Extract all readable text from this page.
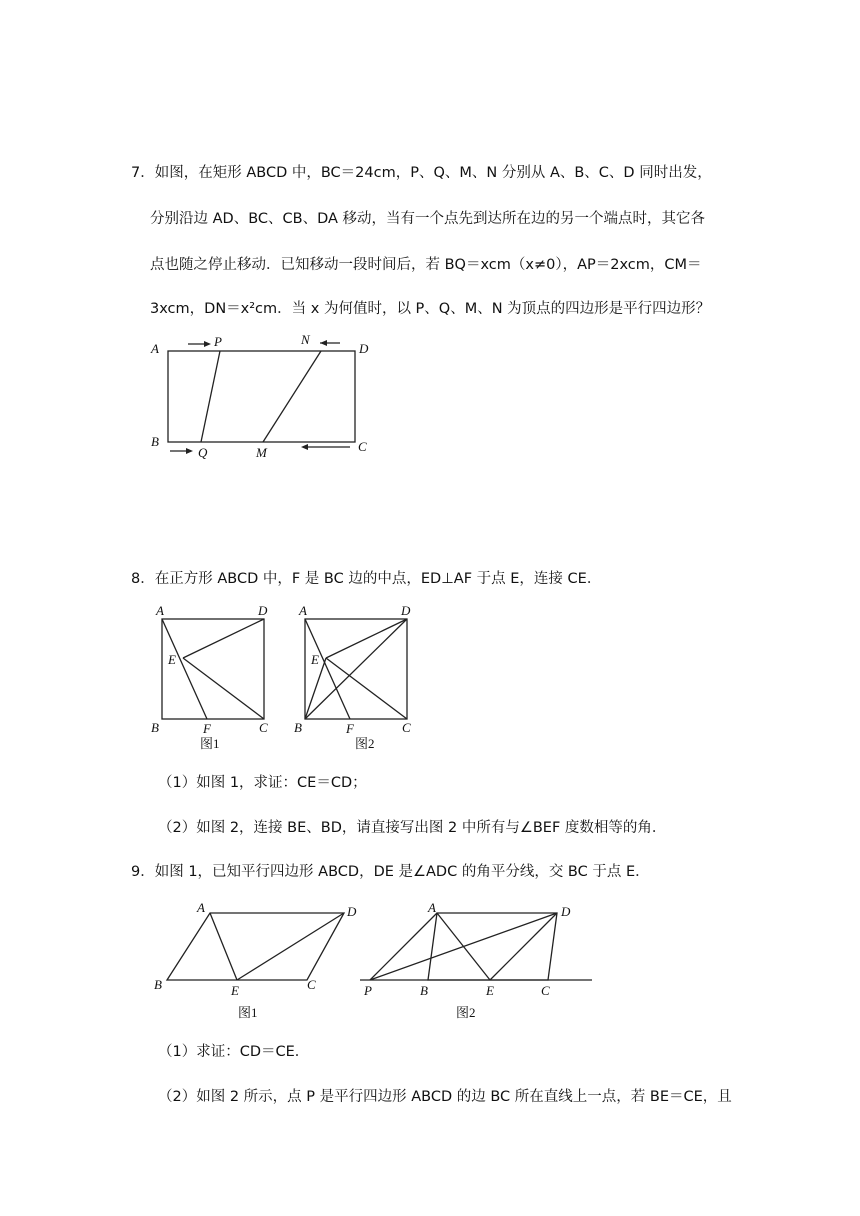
7．如图，在矩形 ABCD 中，BC＝24cm，P、Q、M、N 分别从 A、B、C、D 同时出发，
分别沿边 AD、BC、CB、DA 移动，当有一个点先到达所在边的另一个端点时，其它各
点也随之停止移动．已知移动一段时间后，若 BQ＝xcm（x≠0），AP＝2xcm，CM＝
3xcm，DN＝x²cm．当 x 为何值时，以 P、Q、M、N 为顶点的四边形是平行四边形？
A	D
B	C
P	N
Q	M
8．在正方形 ABCD 中，F 是 BC 边的中点，ED⊥AF 于点 E，连接 CE．
A	D
E
B	F	C
图1
A	D
E
B	F	C
图2
（1）如图 1，求证：CE＝CD；
（2）如图 2，连接 BE、BD，请直接写出图 2 中所有与∠BEF 度数相等的角．
9．如图 1，已知平行四边形 ABCD，DE 是∠ADC 的角平分线，交 BC 于点 E．
A	D
B	E	C
图1
A	D
P	B	E	C
图2
（1）求证：CD＝CE．
（2）如图 2 所示，点 P 是平行四边形 ABCD 的边 BC 所在直线上一点，若 BE＝CE，且
